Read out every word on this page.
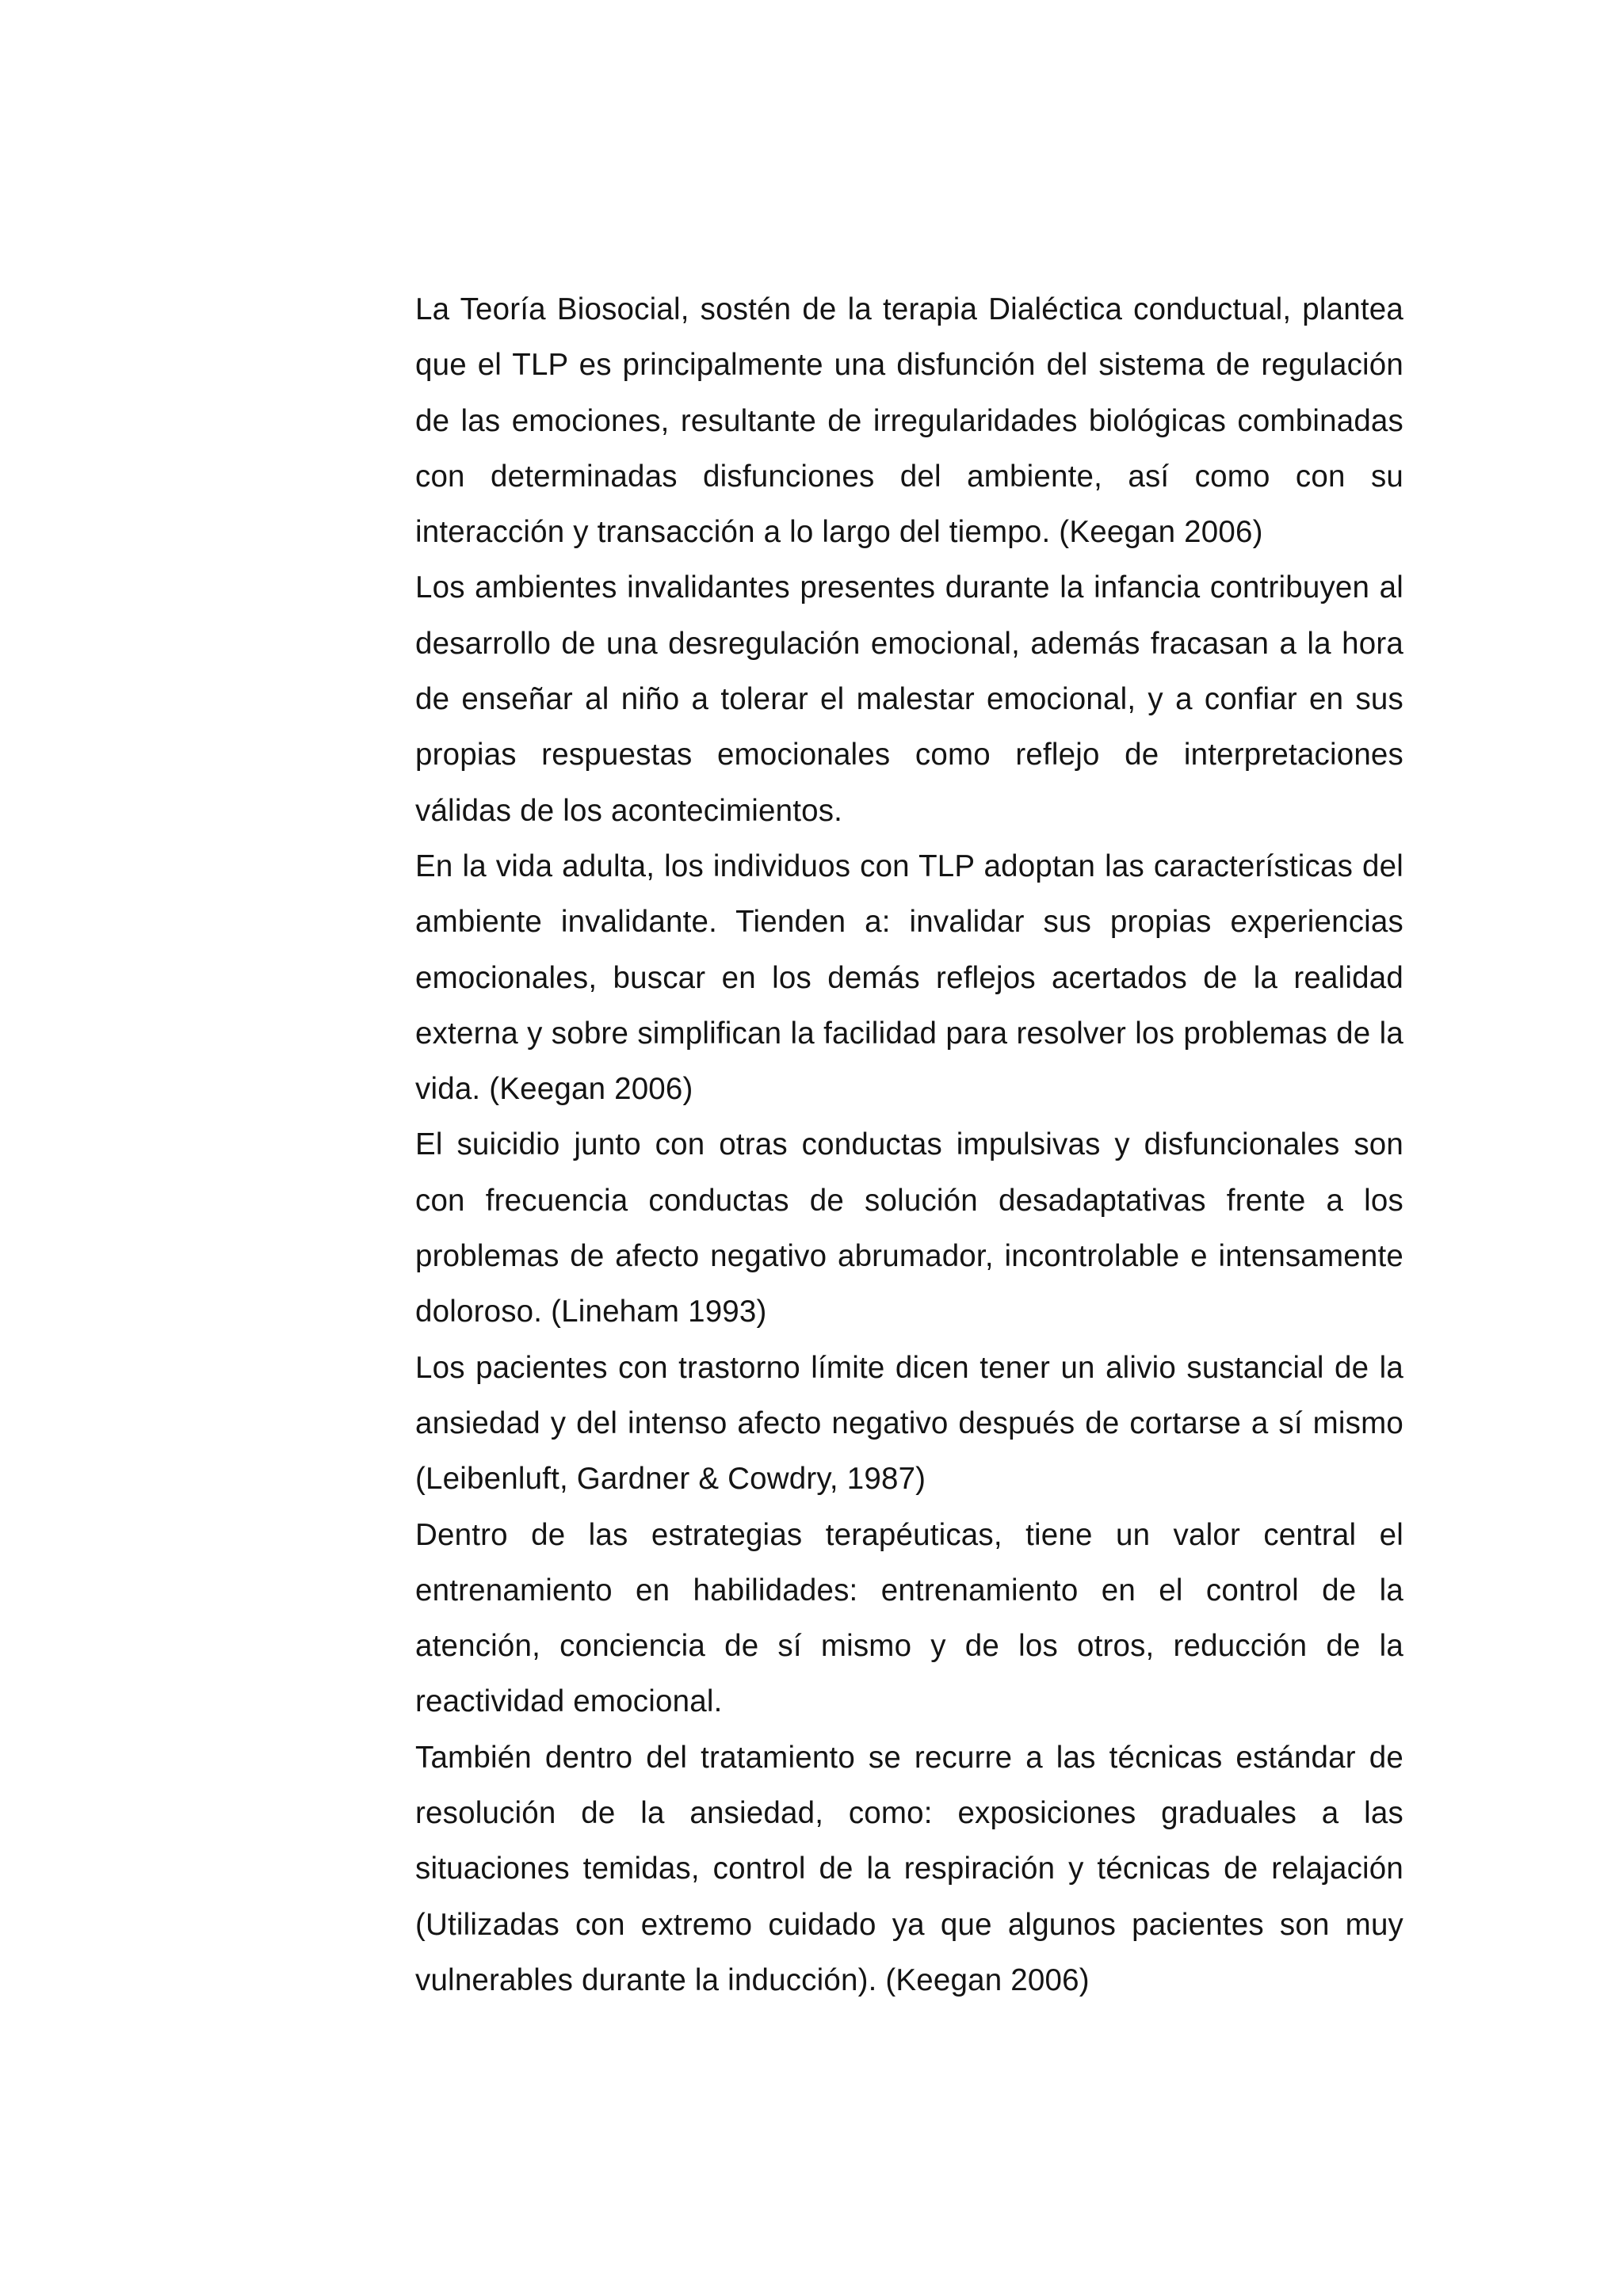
La Teoría Biosocial, sostén de la terapia Dialéctica conductual, plantea que el TLP es principalmente una disfunción del sistema de regulación de las emociones, resultante de irregularidades biológicas combinadas con determinadas disfunciones del ambiente, así como con su interacción y transacción a lo largo del tiempo. (Keegan 2006)

Los ambientes invalidantes presentes durante la infancia contribuyen al desarrollo de una desregulación emocional, además fracasan a la hora de enseñar al niño a tolerar el malestar emocional, y a confiar en sus propias respuestas emocionales como reflejo de interpretaciones válidas de los acontecimientos.

En la vida adulta, los individuos con TLP adoptan las características del ambiente invalidante. Tienden a: invalidar sus propias experiencias emocionales, buscar en los demás reflejos acertados de la realidad externa y sobre simplifican la facilidad para resolver los problemas de la vida. (Keegan 2006)

El suicidio junto con otras conductas impulsivas y disfuncionales son con frecuencia conductas de solución desadaptativas frente a los problemas de afecto negativo abrumador, incontrolable e intensamente doloroso. (Lineham 1993)

Los pacientes con trastorno límite dicen tener un alivio sustancial de la ansiedad y del intenso afecto negativo después de cortarse a sí mismo (Leibenluft, Gardner & Cowdry, 1987)

Dentro de las estrategias terapéuticas, tiene un valor central el entrenamiento en habilidades: entrenamiento en el control de la atención, conciencia de sí mismo y de los otros, reducción de la reactividad emocional.

También dentro del tratamiento se recurre a las técnicas estándar de resolución de la ansiedad, como: exposiciones graduales a las situaciones temidas, control de la respiración y técnicas de relajación (Utilizadas con extremo cuidado ya que algunos pacientes son muy vulnerables durante la inducción). (Keegan 2006)
